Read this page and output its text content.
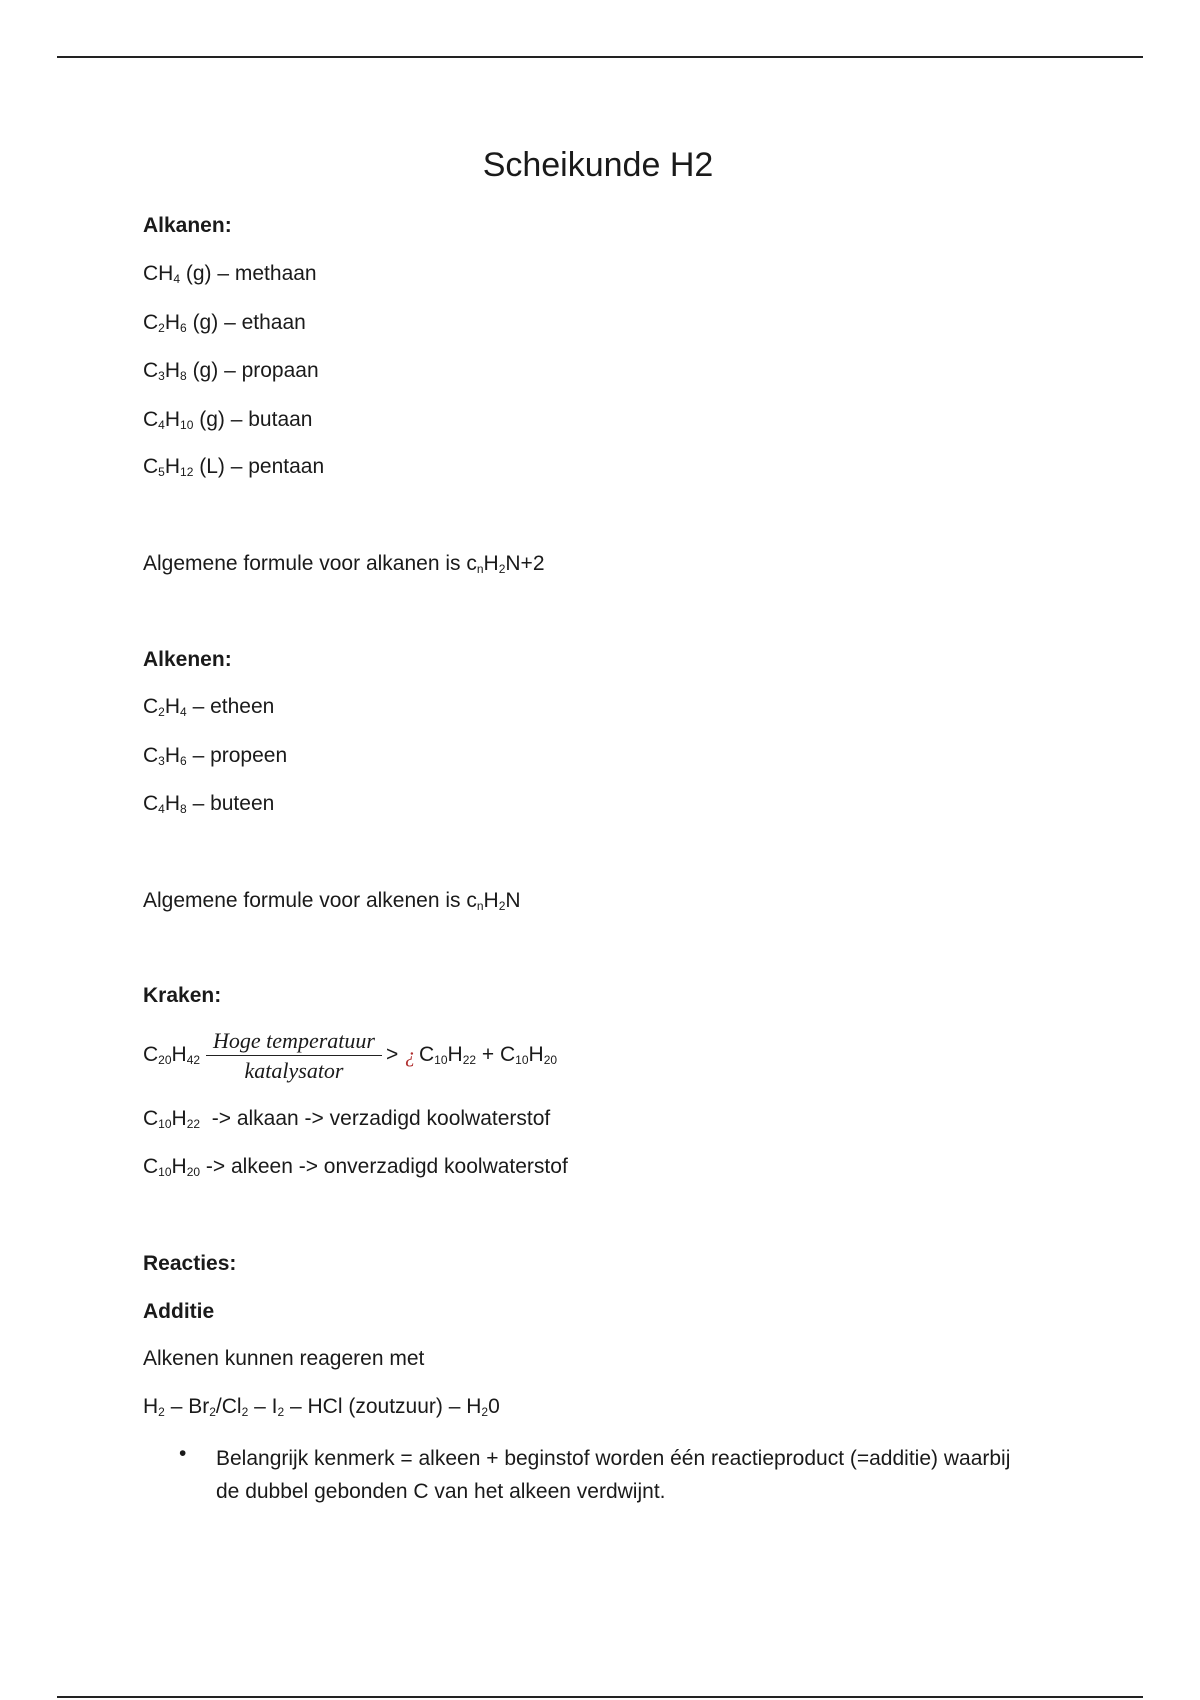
Scheikunde H2
Alkanen:
$CH_4$ (g) – methaan
$C_2H_6$ (g) – ethaan
$C_3H_8$ (g) – propaan
$C_4H_{10}$ (g) – butaan
$C_5H_{12}$ (L) – pentaan
Algemene formule voor alkanen is $c_nH_2N+2$
Alkenen:
$C_2H_4$ – etheen
$C_3H_6$ – propeen
$C_4H_8$ – buteen
Algemene formule voor alkenen is $c_nH_2N$
Kraken:
$C_{20}H_{42}$
Hoge temperatuur
katalysator
> ¿ $C_{10}H_{22} + C_{10}H_{20}$
$C_{10}H_{22}$ -> alkaan -> verzadigd koolwaterstof
$C_{10}H_{20}$ -> alkeen -> onverzadigd koolwaterstof
Reacties:
Additie
Alkenen kunnen reageren met
$H_2 - Br_2/Cl_2 - I_2$ – HCl (zoutzuur) – $H_20$
• Belangrijk kenmerk = alkeen + beginstof worden één reactieproduct (=additie) waarbij de dubbel gebonden C van het alkeen verdwijnt.
